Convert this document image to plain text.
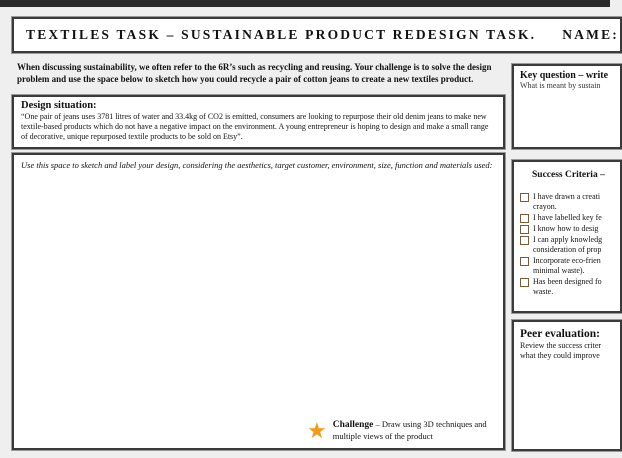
TEXTILES TASK – SUSTAINABLE PRODUCT REDESIGN TASK. NAME:
When discussing sustainability, we often refer to the 6R’s such as recycling and reusing. Your challenge is to solve the design problem and use the space below to sketch how you could recycle a pair of cotton jeans to create a new textiles product.	Key question – write
What is meant by sustain
Design situation:
“One pair of jeans uses 3781 litres of water and 33.4kg of CO2 is emitted, consumers are looking to repurpose their old denim jeans to make new textile-based products which do not have a negative impact on the environment. A young entrepreneur is hoping to design and make a small range of decorative, unique repurposed textile products to be sold on Etsy”.
Use this space to sketch and label your design, considering the aesthetics, target customer, environment, size, function and materials used:
Success Criteria –
I have drawn a creati
crayon.
I have labelled key fe
I know how to desig
I can apply knowledg
consideration of prop
Incorporate eco-frien
minimal waste).
Has been designed fo
waste.
Peer evaluation:
Review the success criter
what they could improve
★ Challenge – Draw using 3D techniques and multiple views of the product
